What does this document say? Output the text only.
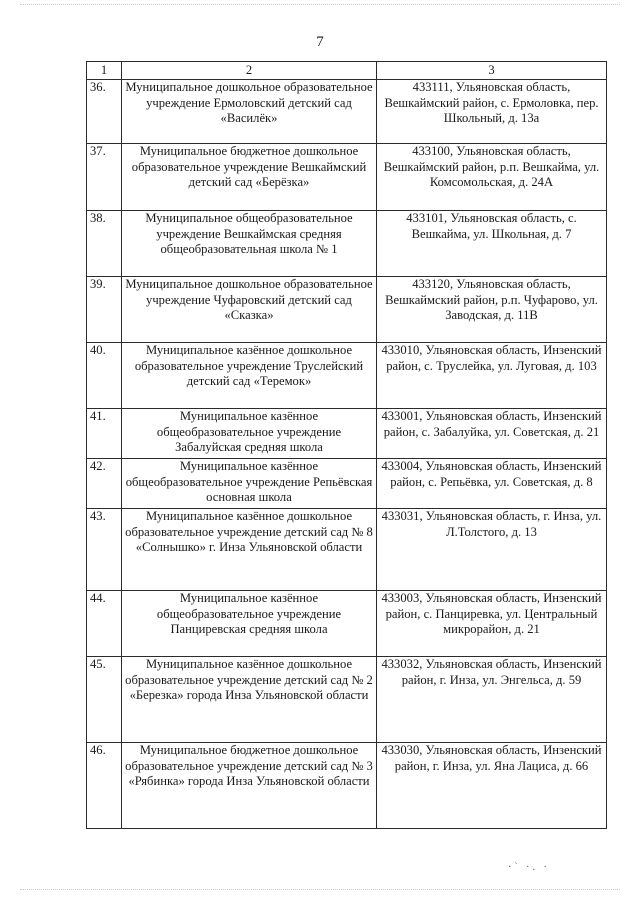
7
1	2	3
36.	Муниципальное дошкольное образовательное учреждение Ермоловский детский сад «Василёк»	433111, Ульяновская область, Вешкаймский район, с. Ермоловка, пер. Школьный, д. 13а
37.	Муниципальное бюджетное дошкольное образовательное учреждение Вешкаймский детский сад «Берёзка»	433100, Ульяновская область, Вешкаймский район, р.п. Вешкайма, ул. Комсомольская, д. 24А
38.	Муниципальное общеобразовательное учреждение Вешкаймская средняя общеобразовательная школа № 1	433101, Ульяновская область, с. Вешкайма, ул. Школьная, д. 7
39.	Муниципальное дошкольное образовательное учреждение Чуфаровский детский сад «Сказка»	433120, Ульяновская область, Вешкаймский район, р.п. Чуфарово, ул. Заводская, д. 11В
40.	Муниципальное казённое дошкольное образовательное учреждение Труслейский детский сад «Теремок»	433010, Ульяновская область, Инзенский район, с. Труслейка, ул. Луговая, д. 103
41.	Муниципальное казённое общеобразовательное учреждение Забалуйская средняя школа	433001, Ульяновская область, Инзенский район, с. Забалуйка, ул. Советская, д. 21
42.	Муниципальное казённое общеобразовательное учреждение Репьёвская основная школа	433004, Ульяновская область, Инзенский район, с. Репьёвка, ул. Советская, д. 8
43.	Муниципальное казённое дошкольное образовательное учреждение детский сад № 8 «Солнышко» г. Инза Ульяновской области	433031, Ульяновская область, г. Инза, ул. Л.Толстого, д. 13
44.	Муниципальное казённое общеобразовательное учреждение Панциревская средняя школа	433003, Ульяновская область, Инзенский район, с. Панциревка, ул. Центральный микрорайон, д. 21
45.	Муниципальное казённое дошкольное образовательное учреждение детский сад № 2 «Березка» города Инза Ульяновской области	433032, Ульяновская область, Инзенский район, г. Инза, ул. Энгельса, д. 59
46.	Муниципальное бюджетное дошкольное образовательное учреждение детский сад № 3 «Рябинка» города Инза Ульяновской области	433030, Ульяновская область, Инзенский район, г. Инза, ул. Яна Лациса, д. 66
·` ·. ·
